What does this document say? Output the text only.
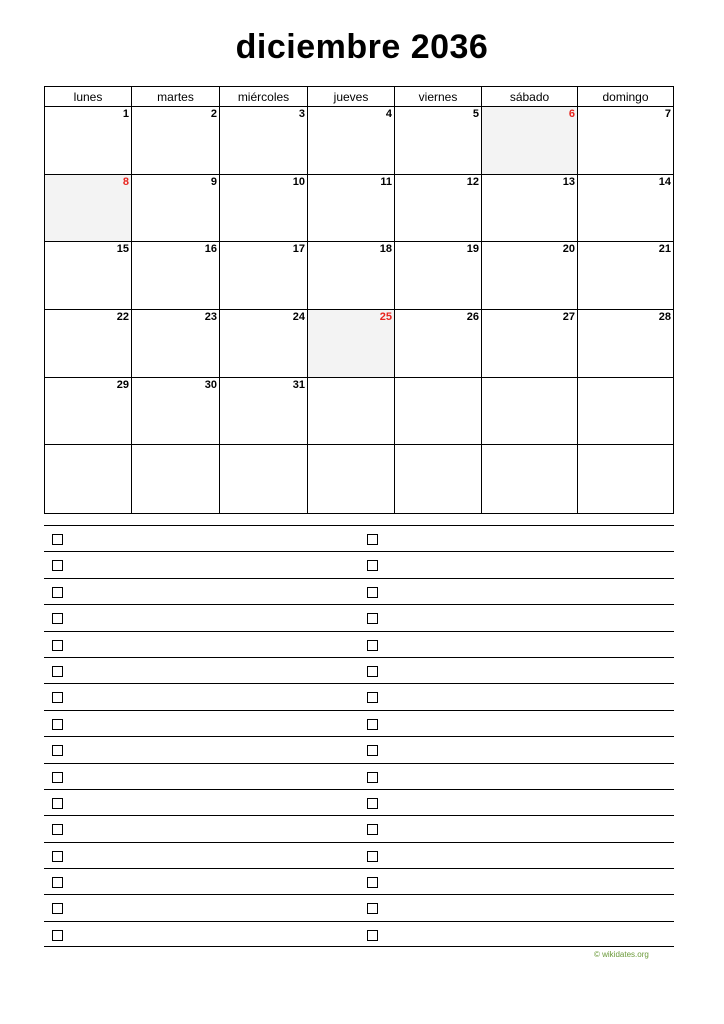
diciembre 2036
lunes	martes	miércoles	jueves	viernes	sábado	domingo
1	2	3	4	5	6	7
8	9	10	11	12	13	14
15	16	17	18	19	20	21
22	23	24	25	26	27	28
29	30	31
© wikidates.org
